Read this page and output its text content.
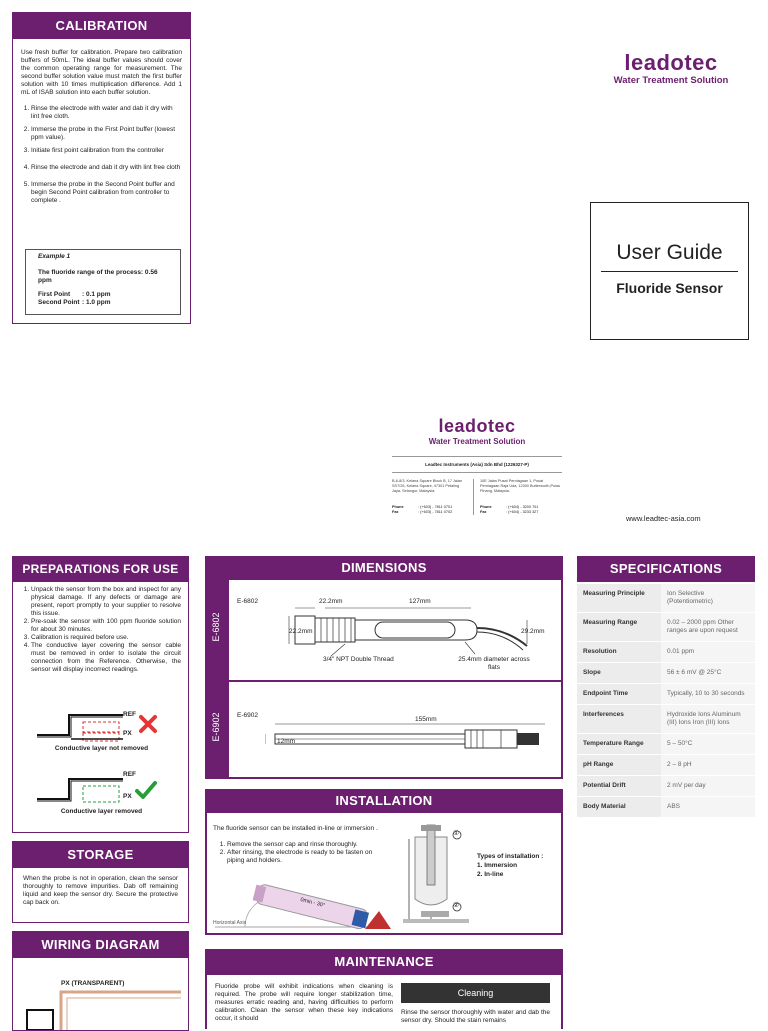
CALIBRATION
Use fresh buffer for calibration. Prepare two calibration buffers of 50mL. The ideal buffer values should cover the common operating range for measurement. The second buffer solution value must match the first buffer solution with 10 times multiplication difference. Add 1 mL of ISAB solution into each buffer solution.
1. Rinse the electrode with water and dab it dry with lint free cloth.
2. Immerse the probe in the First Point buffer (lowest ppm value).
3. Initiate first point calibration from the controller
4. Rinse the electrode and dab it dry with lint free cloth
5. Immerse the probe in the Second Point buffer and begin Second Point calibration from controller to complete .
Example 1
The fluoride range of the process: 0.56 ppm
First Point	: 0.1 ppm
Second Point : 1.0 ppm
leadotec
Water Treatment Solution
User Guide
Fluoride Sensor
leadotec
Water Treatment Solution
Leadtec Instruments (Asia) Sdn Bhd (1226327-P)
B-6-8/3, Kelana Square Block B, 17 Jalan SS7/26, Kelana Square, 47301 Petaling Jaya, Selangor, Malaysia.
Phone	: (+603) - 7811 0701
Fax	: (+603) - 7811 0702
10E Jalan Pusat Perniagaan 1, Pusat Perniagaan Raja Uda, 12300 Butterworth,Pulau Pinang, Malaysia.
Phone	: (+604) - 3200 701
Fax	: (+604) - 3233 327
www.leadtec-asia.com
PREPARATIONS FOR USE
1. Unpack the sensor from the box and inspect for any physical damage. If any defects or damage are present, report promptly to your supplier to resolve this issue.
2. Pre-soak the sensor with 100 ppm fluoride solution for about 30 minutes.
3. Calibration is required before use.
4. The conductive layer covering the sensor cable must be removed in order to isolate the circuit connection from the Reference. Otherwise, the sensor will display incorrect readings.
REF
PX
Conductive layer not removed
REF
PX
Conductive layer removed
STORAGE
When the probe is not in operation, clean the sensor thoroughly to remove impurities. Dab off remaining liquid and keep the sensor dry. Secure the protective cap back on.
WIRING DIAGRAM
PX (TRANSPARENT)
DIMENSIONS
E-6802
E-6902
E-6802
E-6902
22.2mm	127mm
22.2mm	29.2mm
3/4" NPT Double Thread	25.4mm diameter across flats
155mm
12mm
INSTALLATION
The fluoride sensor can be installed in-line or immersion .
1. Remove the sensor cap and rinse thoroughly.
2. After rinsing, the electrode is ready to be fasten on piping and holders.
0min - 30°
Horizontal Axis
①
②
Types of installation :
1. Immersion
2. In-line
MAINTENANCE
Fluoride probe will exhibit indications when cleaning is required. The probe will require longer stabilization time, measures erratic reading and, having difficulties to perform calibration. Clean the sensor when these key indications occur, it should
Cleaning
Rinse the sensor thoroughly with water and dab the sensor dry. Should the stain remains
SPECIFICATIONS
Measuring Principle	Ion Selective (Potentiometric)
Measuring Range	0.02 – 2000 ppm Other ranges are upon request
Resolution	0.01 ppm
Slope	56 ± 6 mV @ 25°C
Endpoint Time	Typically, 10 to 30 seconds
Interferences	Hydroxide Ions Aluminum (III) Ions Iron (III) Ions
Temperature Range	5 – 50°C
pH Range	2 – 8 pH
Potential Drift	2 mV per day
Body Material	ABS
